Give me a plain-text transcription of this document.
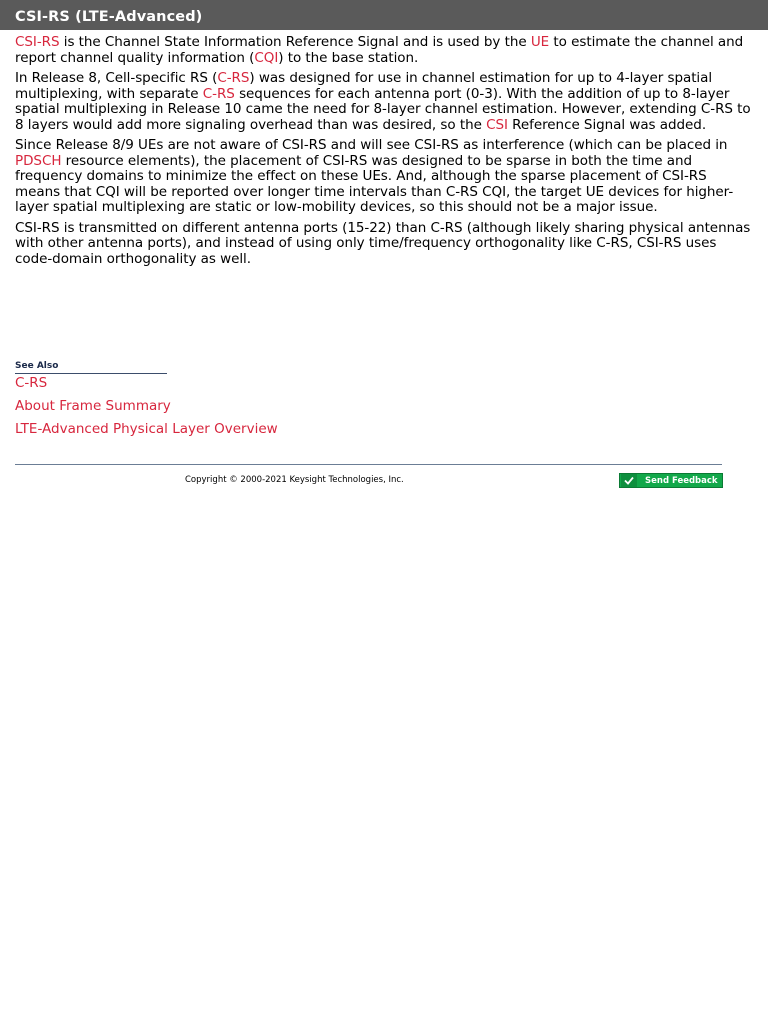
CSI-RS (LTE-Advanced)

CSI-RS is the Channel State Information Reference Signal and is used by the UE to estimate the channel and report channel quality information (CQI) to the base station.

In Release 8, Cell-specific RS (C-RS) was designed for use in channel estimation for up to 4-layer spatial multiplexing, with separate C-RS sequences for each antenna port (0-3). With the addition of up to 8-layer spatial multiplexing in Release 10 came the need for 8-layer channel estimation. However, extending C-RS to 8 layers would add more signaling overhead than was desired, so the CSI Reference Signal was added.

Since Release 8/9 UEs are not aware of CSI-RS and will see CSI-RS as interference (which can be placed in PDSCH resource elements), the placement of CSI-RS was designed to be sparse in both the time and frequency domains to minimize the effect on these UEs. And, although the sparse placement of CSI-RS means that CQI will be reported over longer time intervals than C-RS CQI, the target UE devices for higher-layer spatial multiplexing are static or low-mobility devices, so this should not be a major issue.

CSI-RS is transmitted on different antenna ports (15-22) than C-RS (although likely sharing physical antennas with other antenna ports), and instead of using only time/frequency orthogonality like C-RS, CSI-RS uses code-domain orthogonality as well.

See Also
C-RS
About Frame Summary
LTE-Advanced Physical Layer Overview
Copyright © 2000-2021 Keysight Technologies, Inc.	Send Feedback
